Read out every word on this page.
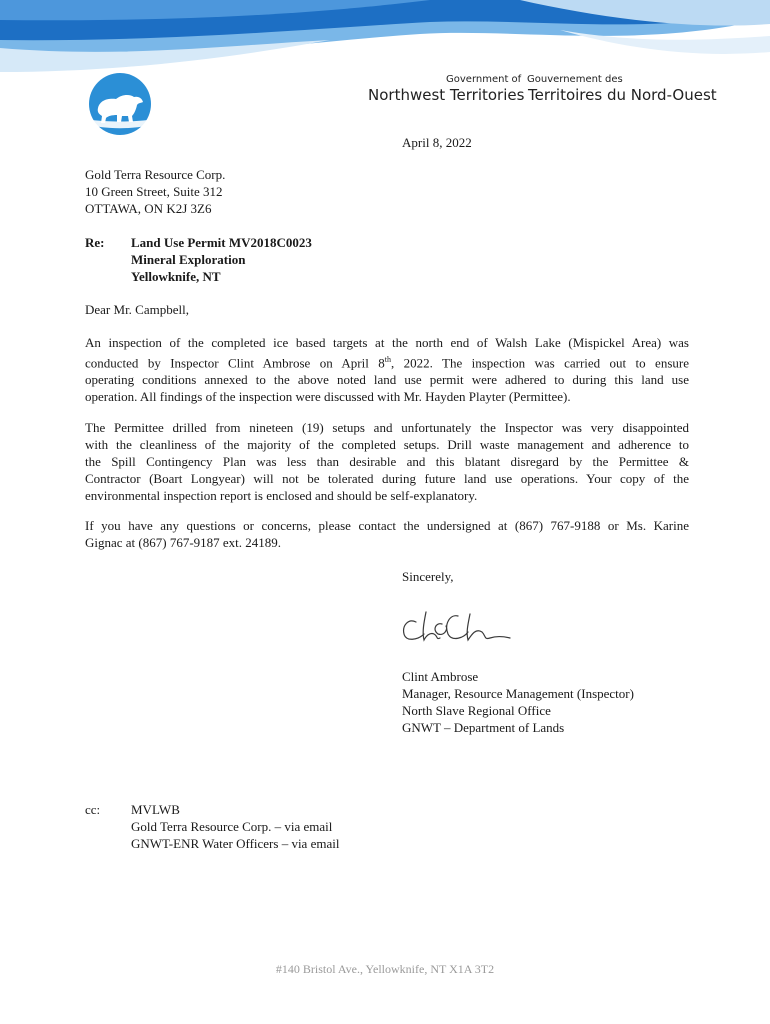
Government of Gouvernement des
Northwest Territories Territoires du Nord-Ouest
April 8, 2022
Gold Terra Resource Corp.
10 Green Street, Suite 312
OTTAWA, ON K2J 3Z6
Re: Land Use Permit MV2018C0023
Mineral Exploration
Yellowknife, NT
Dear Mr. Campbell,
An inspection of the completed ice based targets at the north end of Walsh Lake (Mispickel Area) was
conducted by Inspector Clint Ambrose on April 8th, 2022. The inspection was carried out to ensure
operating conditions annexed to the above noted land use permit were adhered to during this land use
operation. All findings of the inspection were discussed with Mr. Hayden Playter (Permittee).
The Permittee drilled from nineteen (19) setups and unfortunately the Inspector was very disappointed
with the cleanliness of the majority of the completed setups. Drill waste management and adherence to
the Spill Contingency Plan was less than desirable and this blatant disregard by the Permittee &
Contractor (Boart Longyear) will not be tolerated during future land use operations. Your copy of the
environmental inspection report is enclosed and should be self-explanatory.
If you have any questions or concerns, please contact the undersigned at (867) 767-9188 or Ms. Karine
Gignac at (867) 767-9187 ext. 24189.
Sincerely,
Clint Ambrose
Manager, Resource Management (Inspector)
North Slave Regional Office
GNWT – Department of Lands
cc: MVLWB
Gold Terra Resource Corp. – via email
GNWT-ENR Water Officers – via email
#140 Bristol Ave., Yellowknife, NT X1A 3T2
